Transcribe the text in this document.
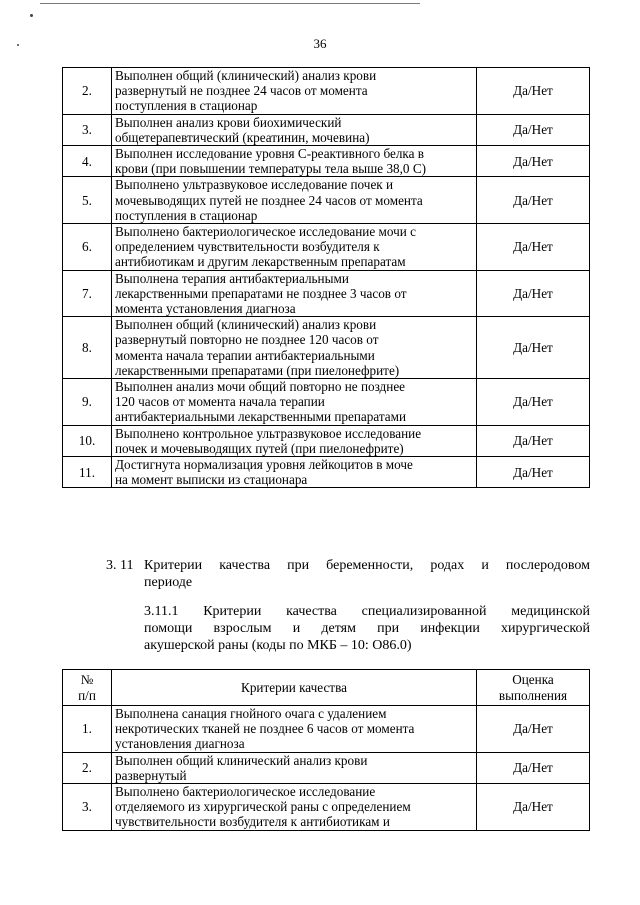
36
2.	Выполнен общий (клинический) анализ крови
развернутый не позднее 24 часов от момента
поступления в стационар	Да/Нет
3.	Выполнен анализ крови биохимический
общетерапевтический (креатинин, мочевина)	Да/Нет
4.	Выполнен исследование уровня С-реактивного белка в
крови (при повышении температуры тела выше 38,0 С)	Да/Нет
5.	Выполнено ультразвуковое исследование почек и
мочевыводящих путей не позднее 24 часов от момента
поступления в стационар	Да/Нет
6.	Выполнено бактериологическое исследование мочи с
определением чувствительности возбудителя к
антибиотикам и другим лекарственным препаратам	Да/Нет
7.	Выполнена терапия антибактериальными
лекарственными препаратами не позднее 3 часов от
момента установления диагноза	Да/Нет
8.	Выполнен общий (клинический) анализ крови
развернутый повторно не позднее 120 часов от
момента начала терапии антибактериальными
лекарственными препаратами (при пиелонефрите)	Да/Нет
9.	Выполнен анализ мочи общий повторно не позднее
120 часов от момента начала терапии
антибактериальными лекарственными препаратами	Да/Нет
10.	Выполнено контрольное ультразвуковое исследование
почек и мочевыводящих путей (при пиелонефрите)	Да/Нет
11.	Достигнута нормализация уровня лейкоцитов в моче
на момент выписки из стационара	Да/Нет
3. 11 Критерии качества при беременности, родах и послеродовом
периоде
3.11.1 Критерии качества специализированной медицинской
помощи взрослым и детям при инфекции хирургической
акушерской раны (коды по МКБ – 10: О86.0)
№
п/п	Критерии качества	Оценка
выполнения
1.	Выполнена санация гнойного очага с удалением
некротических тканей не позднее 6 часов от момента
установления диагноза	Да/Нет
2.	Выполнен общий клинический анализ крови
развернутый	Да/Нет
3.	Выполнено бактериологическое исследование
отделяемого из хирургической раны с определением
чувствительности возбудителя к антибиотикам и	Да/Нет
